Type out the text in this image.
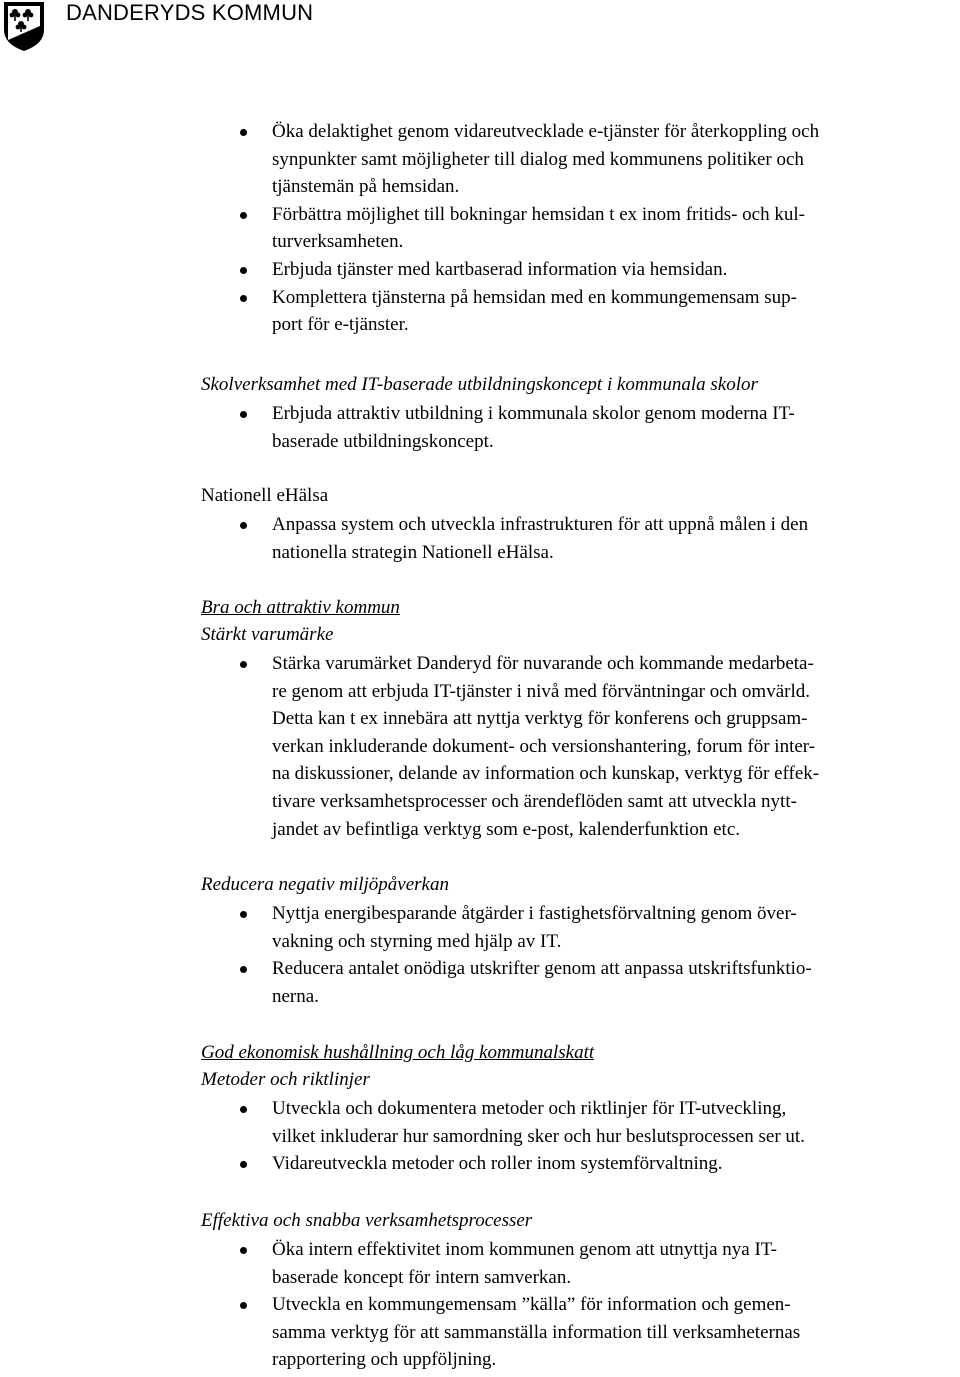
DANDERYDS KOMMUN
Öka delaktighet genom vidareutvecklade e-tjänster för återkoppling och
synpunkter samt möjligheter till dialog med kommunens politiker och
tjänstemän på hemsidan.
Förbättra möjlighet till bokningar hemsidan t ex inom fritids- och kul-
turverksamheten.
Erbjuda tjänster med kartbaserad information via hemsidan.
Komplettera tjänsterna på hemsidan med en kommungemensam sup-
port för e-tjänster.
Skolverksamhet med IT-baserade utbildningskoncept i kommunala skolor
Erbjuda attraktiv utbildning i kommunala skolor genom moderna IT-
baserade utbildningskoncept.
Nationell eHälsa
Anpassa system och utveckla infrastrukturen för att uppnå målen i den
nationella strategin Nationell eHälsa.
Bra och attraktiv kommun
Stärkt varumärke
Stärka varumärket Danderyd för nuvarande och kommande medarbeta-
re genom att erbjuda IT-tjänster i nivå med förväntningar och omvärld.
Detta kan t ex innebära att nyttja verktyg för konferens och gruppsam-
verkan inkluderande dokument- och versionshantering, forum för inter-
na diskussioner, delande av information och kunskap, verktyg för effek-
tivare verksamhetsprocesser och ärendeflöden samt att utveckla nytt-
jandet av befintliga verktyg som e-post, kalenderfunktion etc.
Reducera negativ miljöpåverkan
Nyttja energibesparande åtgärder i fastighetsförvaltning genom över-
vakning och styrning med hjälp av IT.
Reducera antalet onödiga utskrifter genom att anpassa utskriftsfunktio-
nerna.
God ekonomisk hushållning och låg kommunalskatt
Metoder och riktlinjer
Utveckla och dokumentera metoder och riktlinjer för IT-utveckling,
vilket inkluderar hur samordning sker och hur beslutsprocessen ser ut.
Vidareutveckla metoder och roller inom systemförvaltning.
Effektiva och snabba verksamhetsprocesser
Öka intern effektivitet inom kommunen genom att utnyttja nya IT-
baserade koncept för intern samverkan.
Utveckla en kommungemensam ”källa” för information och gemen-
samma verktyg för att sammanställa information till verksamheternas
rapportering och uppföljning.
